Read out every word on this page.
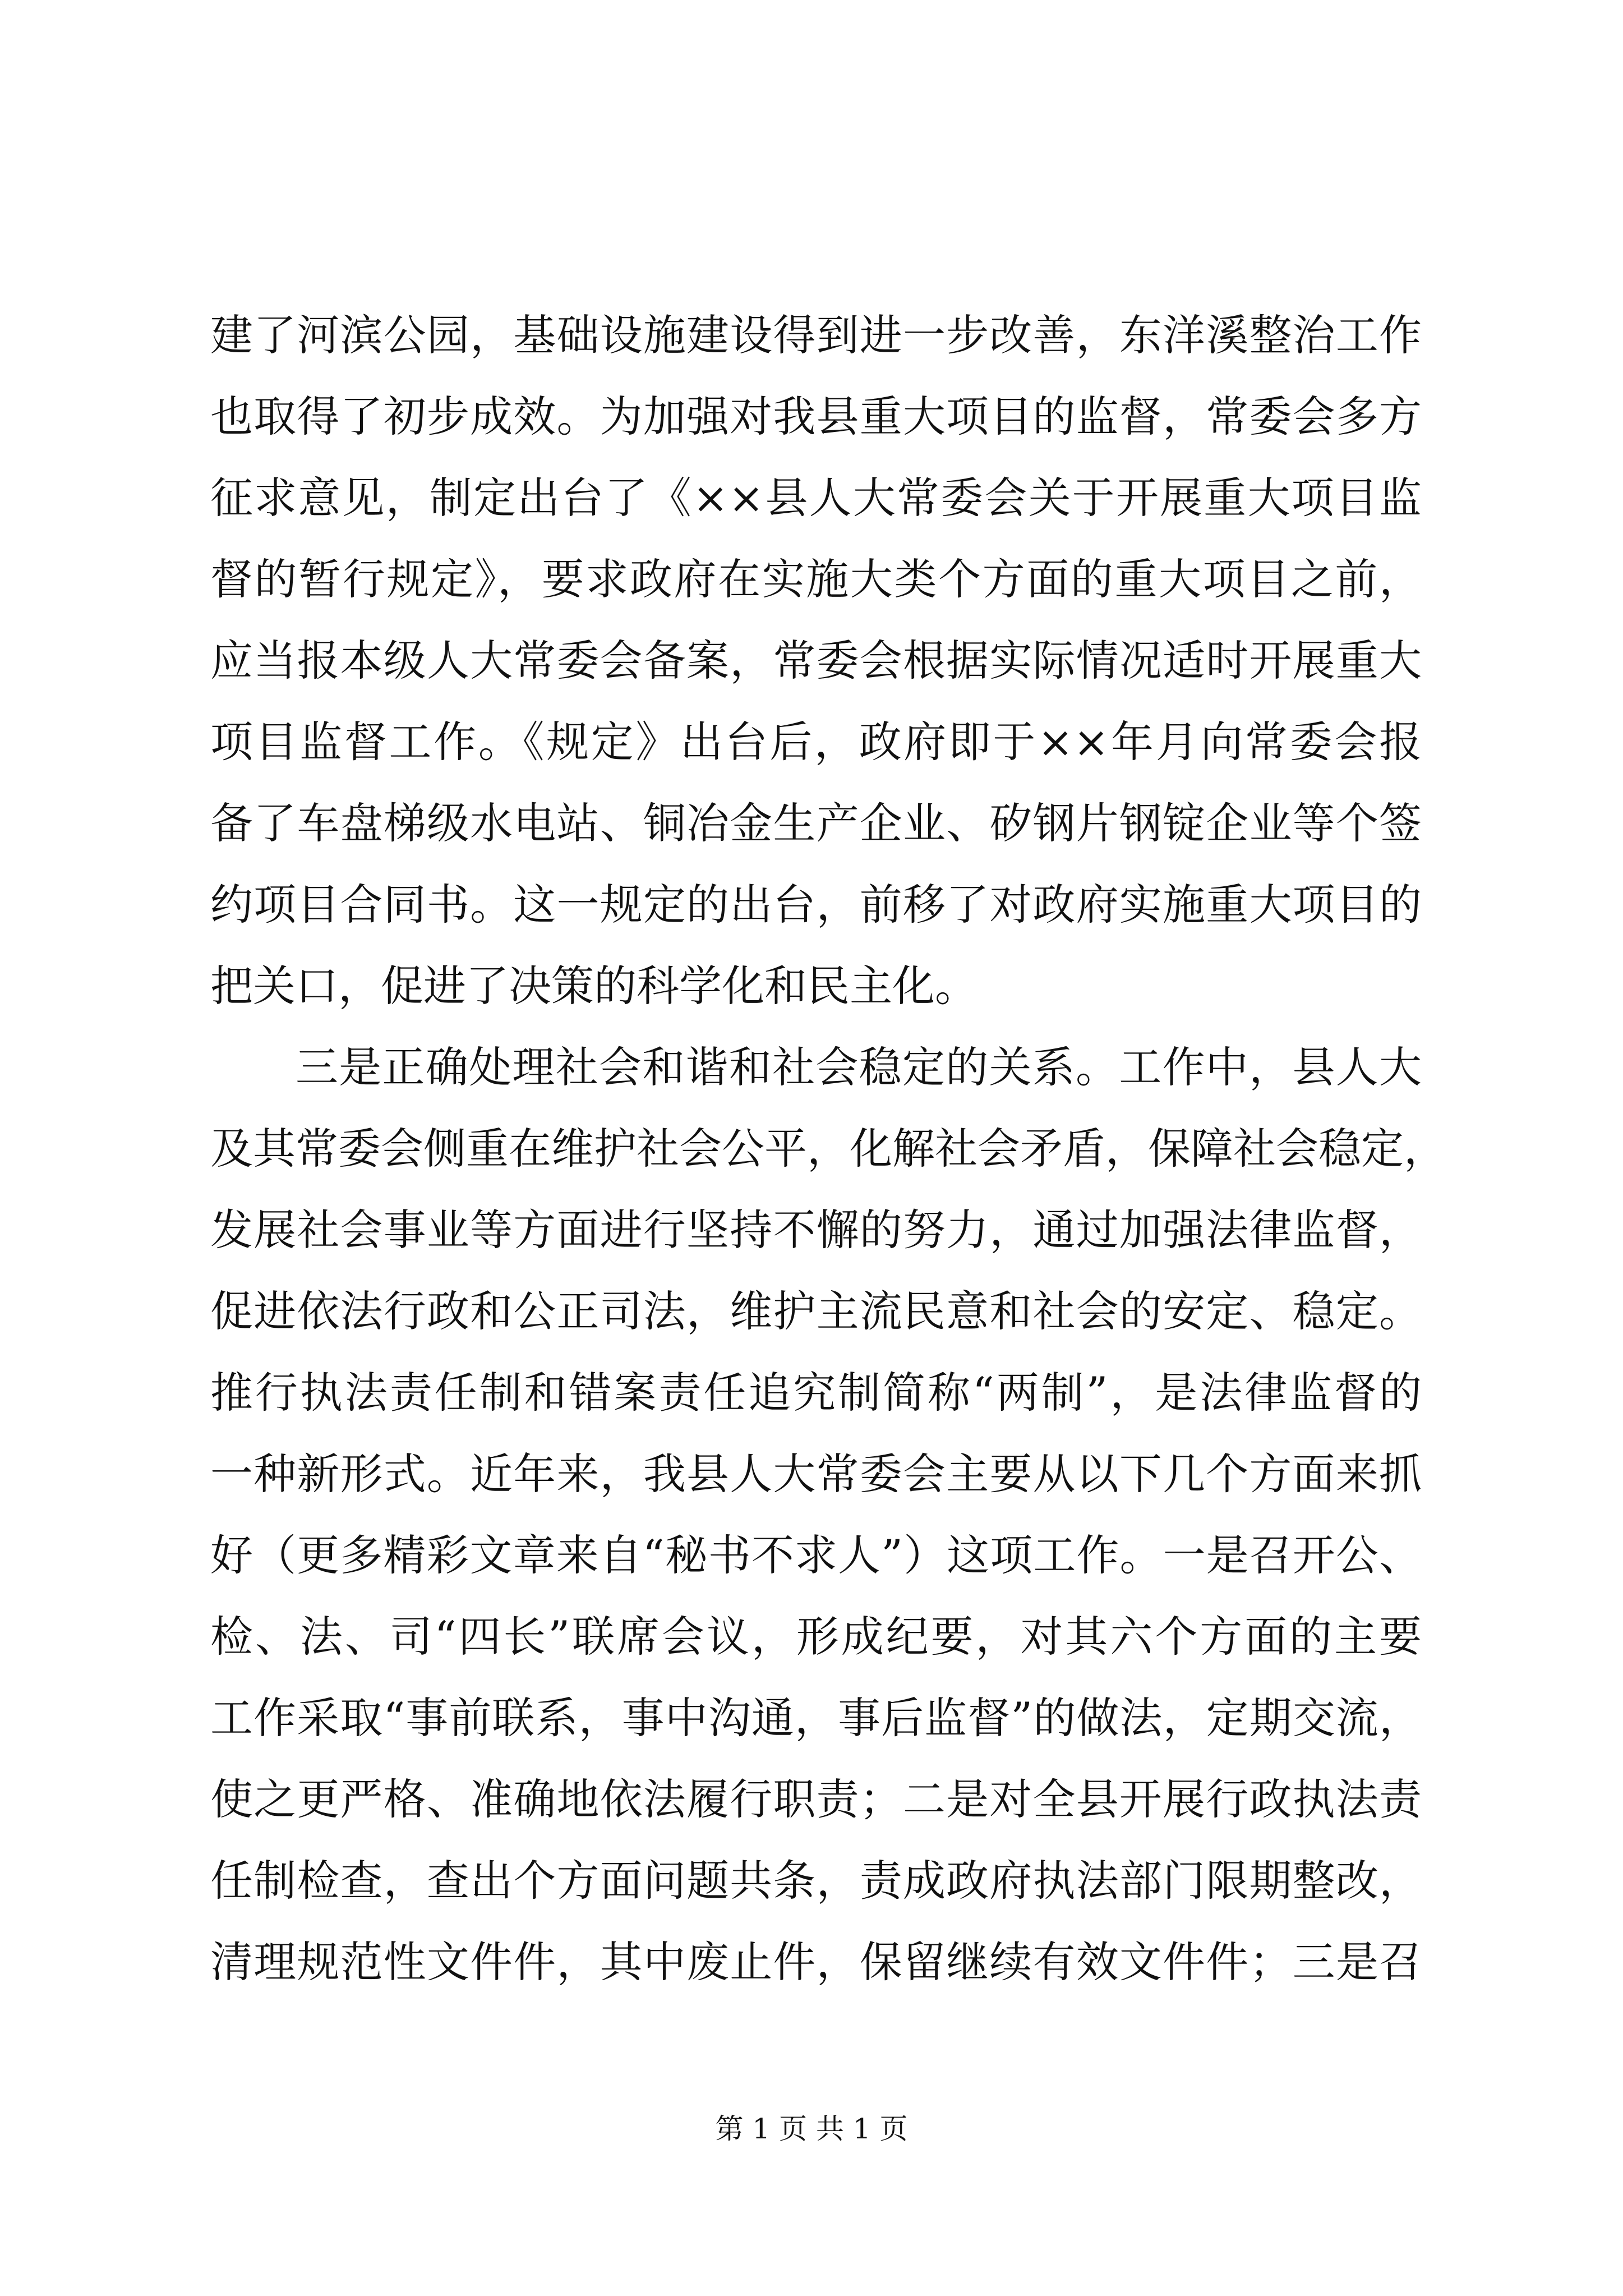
建了河滨公园，基础设施建设得到进一步改善，东洋溪整治工作
也取得了初步成效。为加强对我县重大项目的监督，常委会多方
征求意见，制定出台了《××县人大常委会关于开展重大项目监
督的暂行规定》，要求政府在实施大类个方面的重大项目之前，
应当报本级人大常委会备案，常委会根据实际情况适时开展重大
项目监督工作。《规定》出台后，政府即于××年月向常委会报
备了车盘梯级水电站、铜冶金生产企业、矽钢片钢锭企业等个签
约项目合同书。这一规定的出台，前移了对政府实施重大项目的
把关口，促进了决策的科学化和民主化。
三是正确处理社会和谐和社会稳定的关系。工作中，县人大
及其常委会侧重在维护社会公平，化解社会矛盾，保障社会稳定，
发展社会事业等方面进行坚持不懈的努力，通过加强法律监督，
促进依法行政和公正司法，维护主流民意和社会的安定、稳定。
推行执法责任制和错案责任追究制简称“两制”，是法律监督的
一种新形式。近年来，我县人大常委会主要从以下几个方面来抓
好（更多精彩文章来自“秘书不求人”）这项工作。一是召开公、
检、法、司“四长”联席会议，形成纪要，对其六个方面的主要
工作采取“事前联系，事中沟通，事后监督”的做法，定期交流，
使之更严格、准确地依法履行职责；二是对全县开展行政执法责
任制检查，查出个方面问题共条，责成政府执法部门限期整改，
清理规范性文件件，其中废止件，保留继续有效文件件；三是召
第 1 页 共 1 页
